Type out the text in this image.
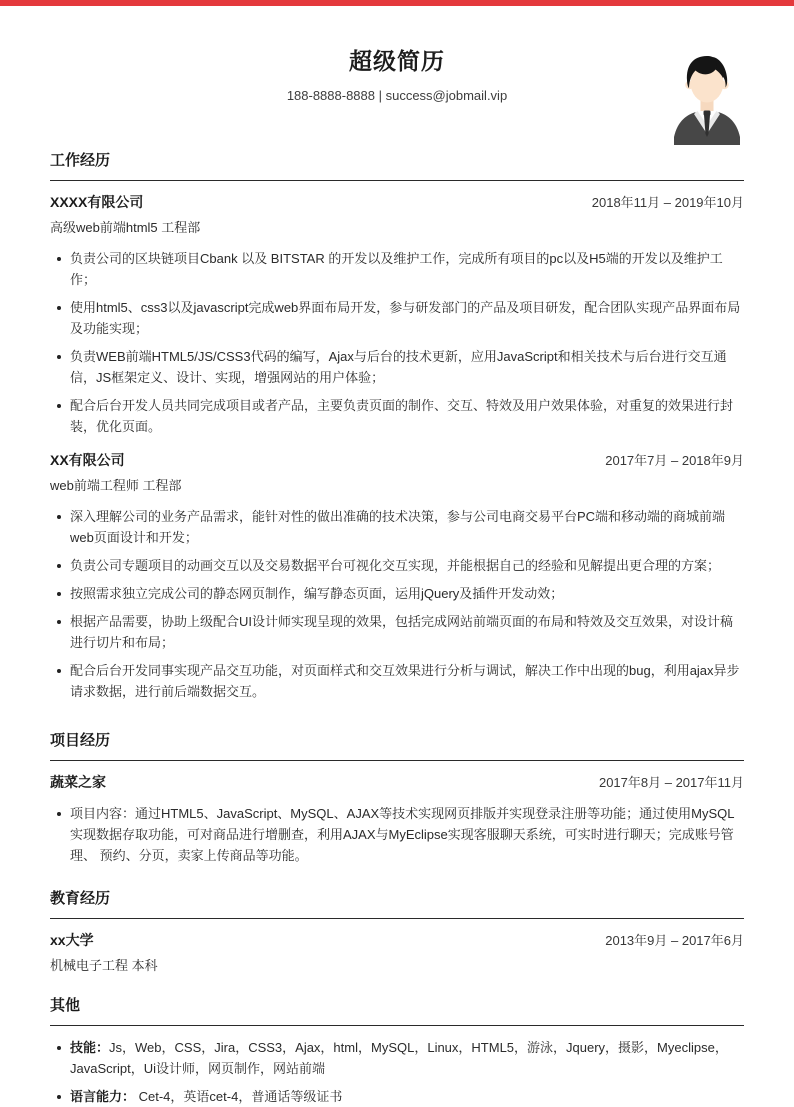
超级简历
188-8888-8888 | success@jobmail.vip
工作经历
XXXX有限公司	2018年11月 – 2019年10月
高级web前端html5 工程部
负责公司的区块链项目Cbank 以及 BITSTAR 的开发以及维护工作，完成所有项目的pc以及H5端的开发以及维护工作；
使用html5、css3以及javascript完成web界面布局开发，参与研发部门的产品及项目研发，配合团队实现产品界面布局及功能实现；
负责WEB前端HTML5/JS/CSS3代码的编写，Ajax与后台的技术更新，应用JavaScript和相关技术与后台进行交互通信，JS框架定义、设计、实现，增强网站的用户体验；
配合后台开发人员共同完成项目或者产品，主要负责页面的制作、交互、特效及用户效果体验，对重复的效果进行封装，优化页面。
XX有限公司	2017年7月 – 2018年9月
web前端工程师 工程部
深入理解公司的业务产品需求，能针对性的做出准确的技术决策，参与公司电商交易平台PC端和移动端的商城前端web页面设计和开发；
负责公司专题项目的动画交互以及交易数据平台可视化交互实现，并能根据自己的经验和见解提出更合理的方案；
按照需求独立完成公司的静态网页制作，编写静态页面，运用jQuery及插件开发动效；
根据产品需要，协助上级配合UI设计师实现呈现的效果，包括完成网站前端页面的布局和特效及交互效果，对设计稿进行切片和布局；
配合后台开发同事实现产品交互功能，对页面样式和交互效果进行分析与调试，解决工作中出现的bug，利用ajax异步请求数据，进行前后端数据交互。
项目经历
蔬菜之家	2017年8月 – 2017年11月
项目内容：通过HTML5、JavaScript、MySQL、AJAX等技术实现网页排版并实现登录注册等功能；通过使用MySQL实现数据存取功能，可对商品进行增删查，利用AJAX与MyEclipse实现客服聊天系统，可实时进行聊天；完成账号管理、 预约、分页，卖家上传商品等功能。
教育经历
xx大学	2013年9月 – 2017年6月
机械电子工程 本科
其他
技能：Js，Web，CSS，Jira，CSS3，Ajax，html，MySQL，Linux，HTML5，游泳，Jquery，摄影，Myeclipse，JavaScript，Ui设计师，网页制作，网站前端
语言能力： Cet-4，英语cet-4，普通话等级证书
